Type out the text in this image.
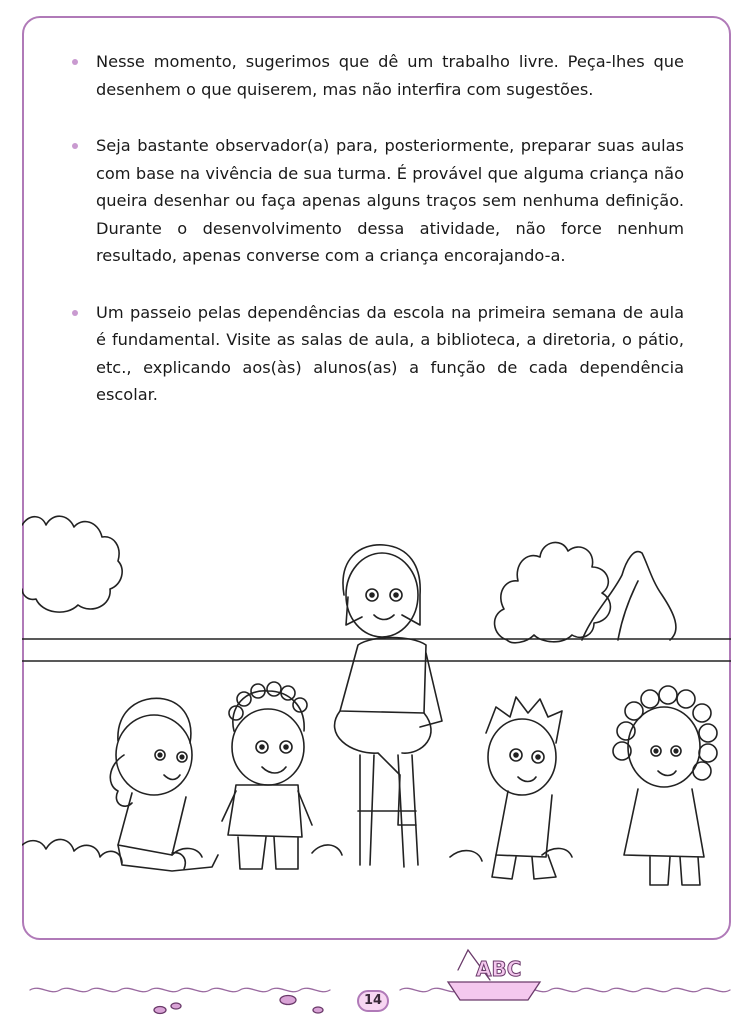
Nesse momento, sugerimos que dê um trabalho livre. Peça-lhes que desenhem o que quiserem, mas não interfira com sugestões.
Seja bastante observador(a) para, posteriormente, preparar suas aulas com base na vivência de sua turma. É provável que alguma criança não queira desenhar ou faça apenas alguns traços sem nenhuma definição. Durante o desenvolvimento dessa atividade, não force nenhum resultado, apenas converse com a criança encorajando-a.
Um passeio pelas dependências da escola na primeira semana de aula é fundamental. Visite as salas de aula, a biblioteca, a diretoria, o pátio, etc., explicando aos(às) alunos(as) a função de cada dependência escolar.
ABC
14
